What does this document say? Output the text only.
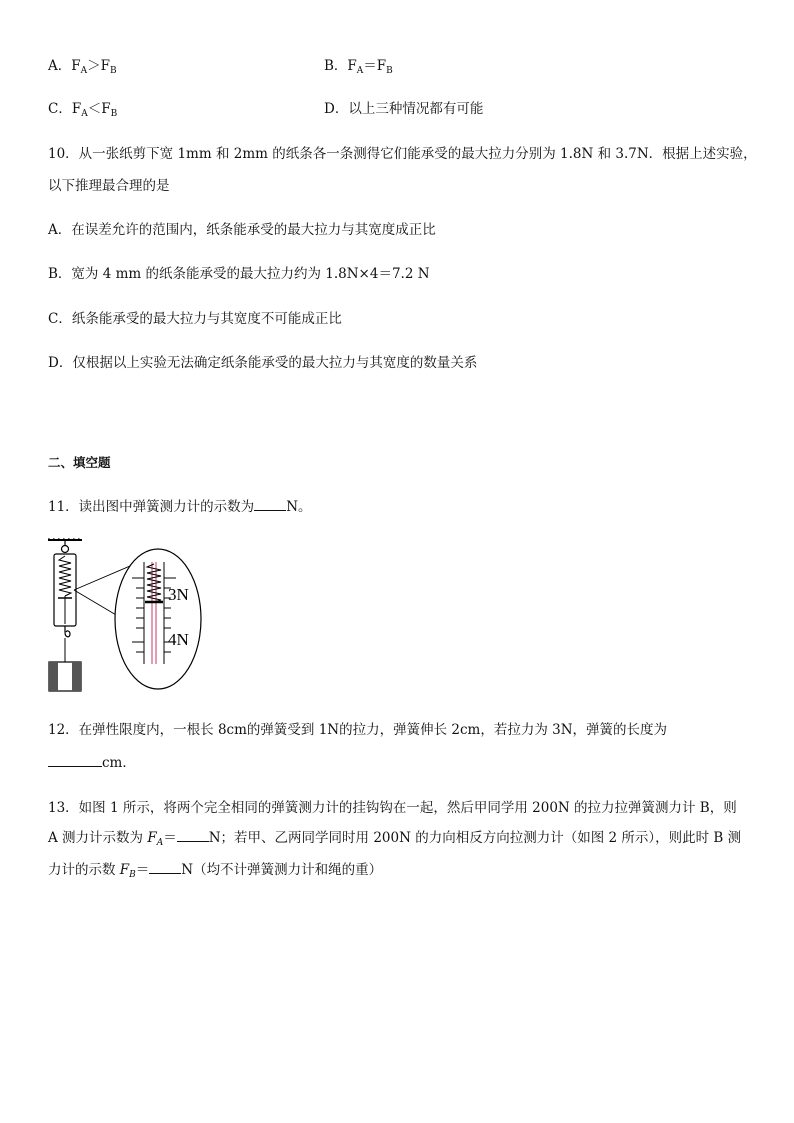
A．$F_A>F_B$	B．$F_A=F_B$
C．$F_A<F_B$	D．以上三种情况都有可能
10．从一张纸剪下宽 1mm 和 2mm 的纸条各一条测得它们能承受的最大拉力分别为 1.8N 和 3.7N．根据上述实验，
以下推理最合理的是
A．在误差允许的范围内，纸条能承受的最大拉力与其宽度成正比
B．宽为 4 mm 的纸条能承受的最大拉力约为 1.8N×4＝7.2 N
C．纸条能承受的最大拉力与其宽度不可能成正比
D．仅根据以上实验无法确定纸条能承受的最大拉力与其宽度的数量关系
二、填空题
11．读出图中弹簧测力计的示数为 N。
3N
4N
12．在弹性限度内，一根长 8cm的弹簧受到 1N的拉力，弹簧伸长 2cm，若拉力为 3N，弹簧的长度为
cm．
13．如图 1 所示，将两个完全相同的弹簧测力计的挂钩钩在一起，然后甲同学用 200N 的拉力拉弹簧测力计 B，则
A 测力计示数为 $F_A= N$；若甲、乙两同学同时用 200N 的力向相反方向拉测力计（如图 2 所示），则此时 B 测
力计的示数 $F_B= N$（均不计弹簧测力计和绳的重）
